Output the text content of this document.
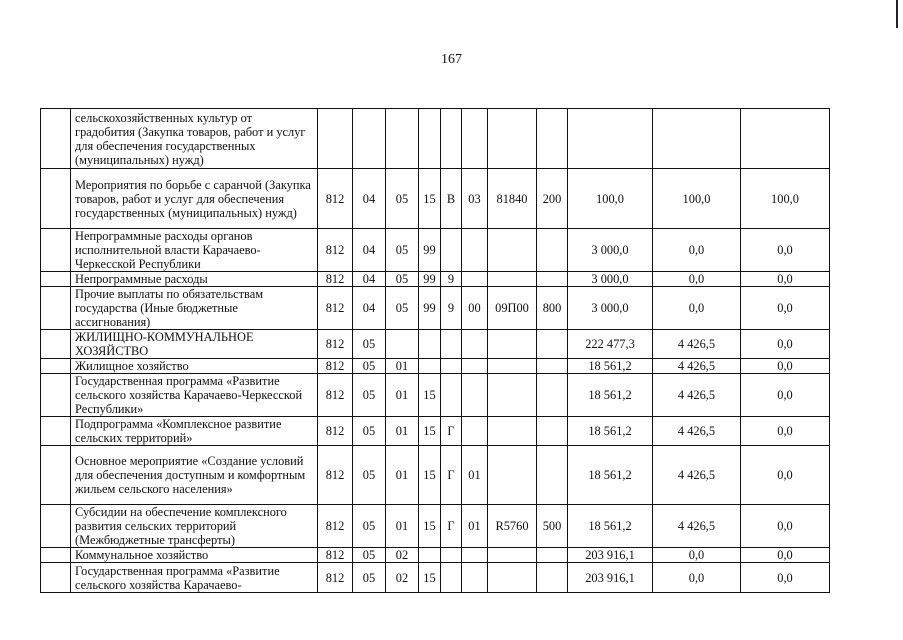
167
	сельскохозяйственных культур от градобития (Закупка товаров, работ и услуг для обеспечения государственных (муниципальных) нужд)											
	Мероприятия по борьбе с саранчой (Закупка товаров, работ и услуг для обеспечения государственных (муниципальных) нужд)	812	04	05	15	В	03	81840	200	100,0	100,0	100,0
	Непрограммные расходы органов исполнительной власти Карачаево-Черкесской Республики	812	04	05	99					3 000,0	0,0	0,0
	Непрограммные расходы	812	04	05	99	9				3 000,0	0,0	0,0
	Прочие выплаты по обязательствам государства (Иные бюджетные ассигнования)	812	04	05	99	9	00	09П00	800	3 000,0	0,0	0,0
	ЖИЛИЩНО-КОММУНАЛЬНОЕ ХОЗЯЙСТВО	812	05							222 477,3	4 426,5	0,0
	Жилищное хозяйство	812	05	01						18 561,2	4 426,5	0,0
	Государственная программа «Развитие сельского хозяйства Карачаево-Черкесской Республики»	812	05	01	15					18 561,2	4 426,5	0,0
	Подпрограмма «Комплексное развитие сельских территорий»	812	05	01	15	Г				18 561,2	4 426,5	0,0
	Основное мероприятие «Создание условий для обеспечения доступным и комфортным жильем сельского населения»	812	05	01	15	Г	01			18 561,2	4 426,5	0,0
	Субсидии на обеспечение комплексного развития сельских территорий (Межбюджетные трансферты)	812	05	01	15	Г	01	R5760	500	18 561,2	4 426,5	0,0
	Коммунальное хозяйство	812	05	02						203 916,1	0,0	0,0
	Государственная программа «Развитие сельского хозяйства Карачаево-	812	05	02	15					203 916,1	0,0	0,0
